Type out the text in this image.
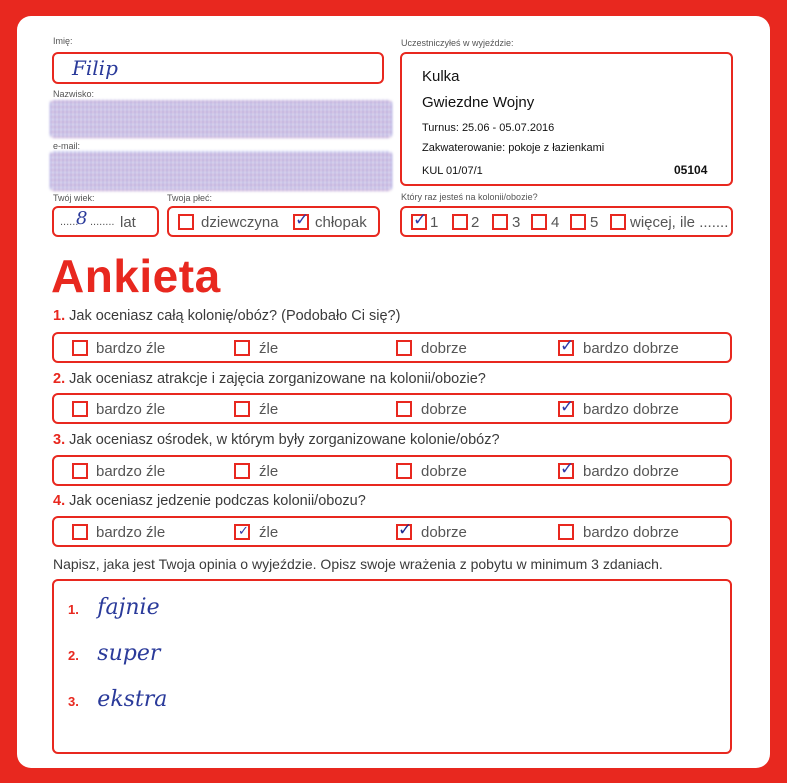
Imię:
Filip
Nazwisko:
e-mail:
Twój wiek:
......
8 ........ lat
Twoja płeć:
dziewczyna ✓ chłopak
Uczestniczyłeś w wyjeździe:
Kulka
Gwiezdne Wojny
Turnus: 25.06 - 05.07.2016
Zakwaterowanie: pokoje z łazienkami
KUL 01/07/1	05104
Który raz jesteś na kolonii/obozie?
✓ 1 2 3 4 5 więcej, ile .......
Ankieta
1. Jak oceniasz całą kolonię/obóz? (Podobało Ci się?)
bardzo źle	źle	dobrze	✓ bardzo dobrze
2. Jak oceniasz atrakcje i zajęcia zorganizowane na kolonii/obozie?
bardzo źle	źle	dobrze	✓ bardzo dobrze
3. Jak oceniasz ośrodek, w którym były zorganizowane kolonie/obóz?
bardzo źle	źle	dobrze	✓ bardzo dobrze
4. Jak oceniasz jedzenie podczas kolonii/obozu?
bardzo źle	✓ źle	✓ dobrze	bardzo dobrze
Napisz, jaka jest Twoja opinia o wyjeździe. Opisz swoje wrażenia z pobytu w minimum 3 zdaniach.
1. fajnie
2. super
3. ekstra
